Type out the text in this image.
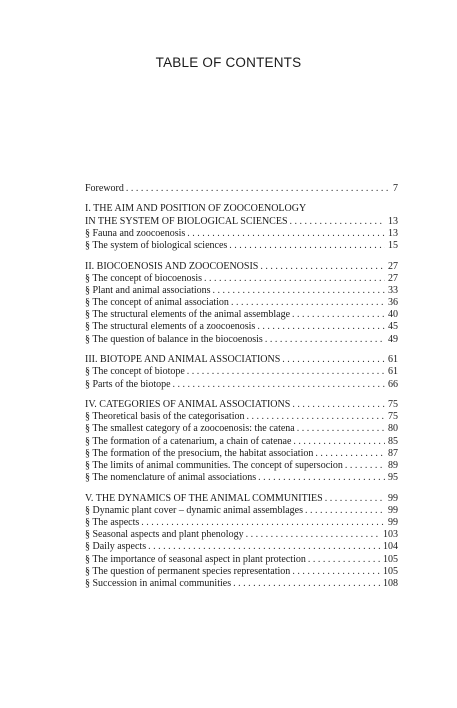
TABLE OF CONTENTS
Foreword . . .	7
I. THE AIM AND POSITION OF ZOOCOENOLOGY
IN THE SYSTEM OF BIOLOGICAL SCIENCES . . .	13
§ Fauna and zoocoenosis . . .	13
§ The system of biological sciences . . .	15
II. BIOCOENOSIS AND ZOOCOENOSIS . . .	27
§ The concept of biocoenosis . . .	27
§ Plant and animal associations . . .	33
§ The concept of animal association . . .	36
§ The structural elements of the animal assemblage . . .	40
§ The structural elements of a zoocoenosis . . .	45
§ The question of balance in the biocoenosis . . .	49
III. BIOTOPE AND ANIMAL ASSOCIATIONS . . .	61
§ The concept of biotope . . .	61
§ Parts of the biotope . . .	66
IV. CATEGORIES OF ANIMAL ASSOCIATIONS . . .	75
§ Theoretical basis of the categorisation . . .	75
§ The smallest category of a zoocoenosis: the catena . . .	80
§ The formation of a catenarium, a chain of catenae . . .	85
§ The formation of the presocium, the habitat association . . .	87
§ The limits of animal communities. The concept of supersocion . . .	89
§ The nomenclature of animal associations . . .	95
V. THE DYNAMICS OF THE ANIMAL COMMUNITIES . . .	99
§ Dynamic plant cover – dynamic animal assemblages . . .	99
§ The aspects . . .	99
§ Seasonal aspects and plant phenology . . .	103
§ Daily aspects . . .	104
§ The importance of seasonal aspect in plant protection . . .	105
§ The question of permanent species representation . . .	105
§ Succession in animal communities . . .	108
